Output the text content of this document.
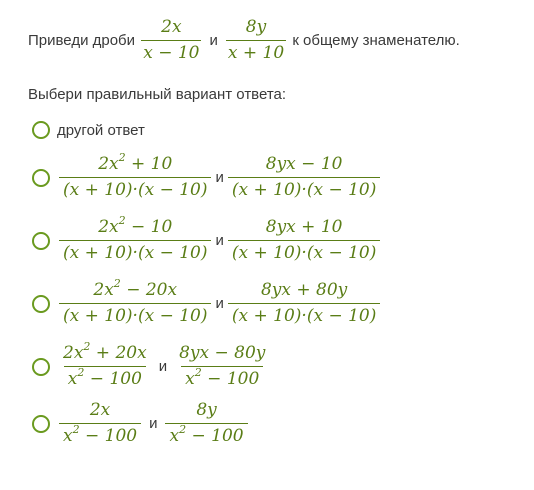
Приведи дроби $\frac{2x}{x - 10}$ и $\frac{8y}{x + 10}$ к общему знаменателю.
Выбери правильный вариант ответа:
другой ответ
$\frac{2x^2 + 10}{(x + 10)\cdot(x - 10)}$ и $\frac{8yx - 10}{(x + 10)\cdot(x - 10)}$
$\frac{2x^2 - 10}{(x + 10)\cdot(x - 10)}$ и $\frac{8yx + 10}{(x + 10)\cdot(x - 10)}$
$\frac{2x^2 - 20x}{(x + 10)\cdot(x - 10)}$ и $\frac{8yx + 80y}{(x + 10)\cdot(x - 10)}$
$\frac{2x^2 + 20x}{x^2 - 100}$ и $\frac{8yx - 80y}{x^2 - 100}$
$\frac{2x}{x^2 - 100}$ и $\frac{8y}{x^2 - 100}$
